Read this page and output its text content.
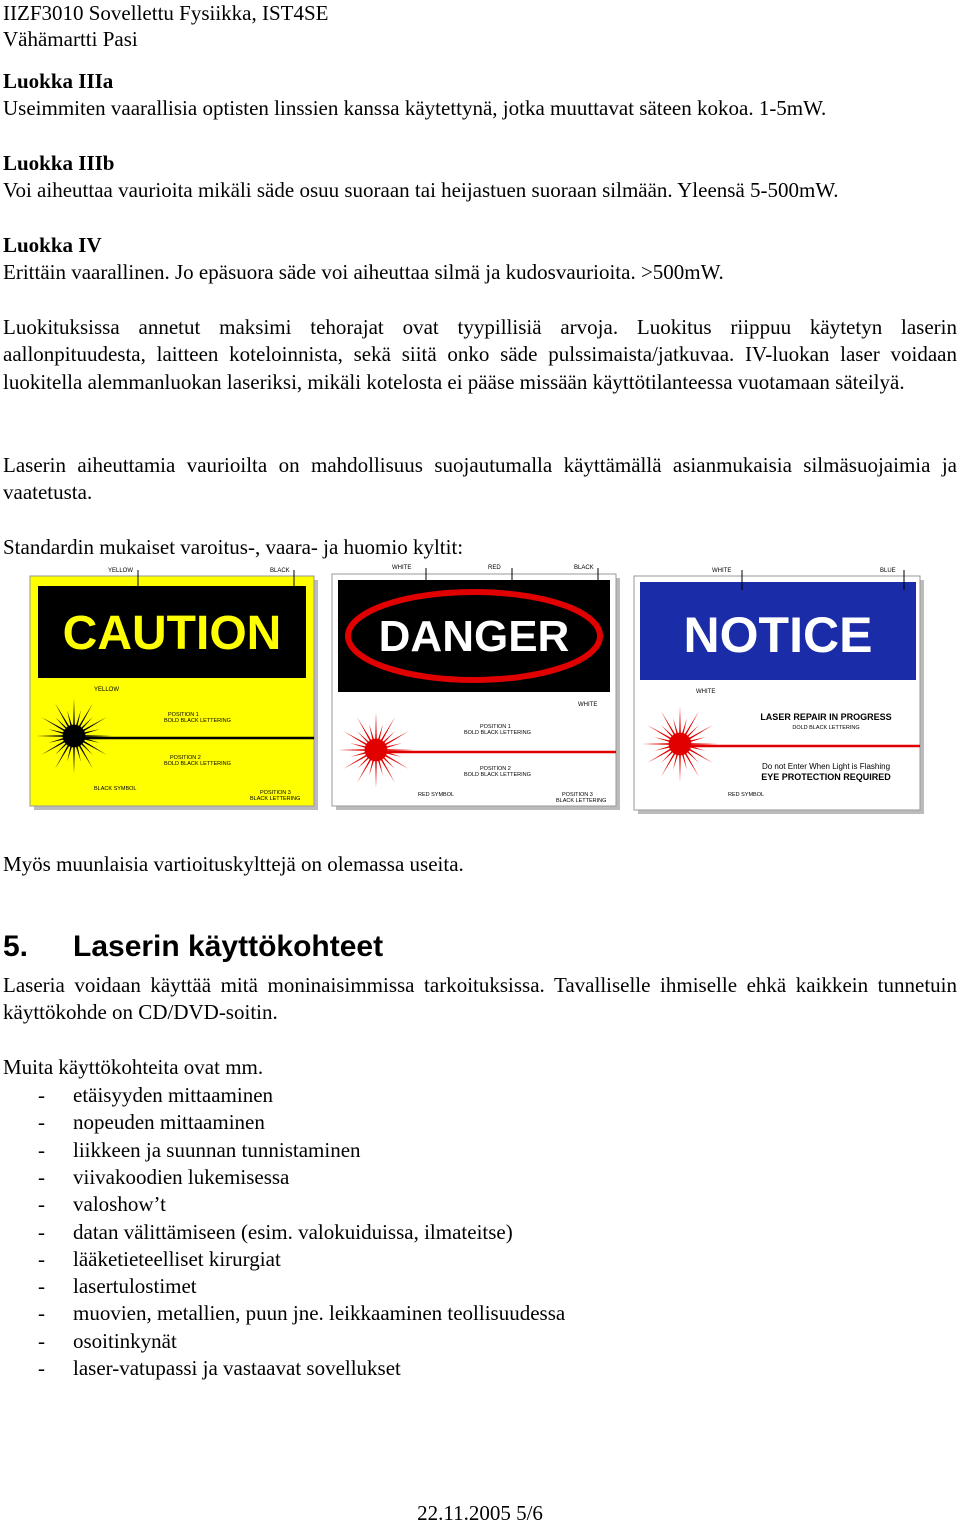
IIZF3010 Sovellettu Fysiikka, IST4SE
Vähämartti Pasi
Luokka IIIa
Useimmiten vaarallisia optisten linssien kanssa käytettynä, jotka muuttavat säteen kokoa. 1-5mW.
Luokka IIIb
Voi aiheuttaa vaurioita mikäli säde osuu suoraan tai heijastuen suoraan silmään. Yleensä 5-500mW.
Luokka IV
Erittäin vaarallinen. Jo epäsuora säde voi aiheuttaa silmä ja kudosvaurioita. >500mW.
Luokituksissa annetut maksimi tehorajat ovat tyypillisiä arvoja. Luokitus riippuu käytetyn laserin aallonpituudesta, laitteen koteloinnista, sekä siitä onko säde pulssimaista/jatkuvaa. IV-luokan laser voidaan luokitella alemmanluokan laseriksi, mikäli kotelosta ei pääse missään käyttötilanteessa vuotamaan säteilyä.
Laserin aiheuttamia vaurioilta on mahdollisuus suojautumalla käyttämällä asianmukaisia silmäsuojaimia ja vaatetusta.
Standardin mukaiset varoitus-, vaara- ja huomio kyltit:
CAUTION
YELLOW	BLACK
YELLOW
POSITION 1
BOLD BLACK LETTERING
POSITION 2
BOLD BLACK LETTERING
BLACK SYMBOL
POSITION 3
BLACK LETTERING
DANGER
WHITE	RED	BLACK
WHITE
POSITION 1
BOLD BLACK LETTERING
POSITION 2
BOLD BLACK LETTERING
RED SYMBOL	POSITION 3
BLACK LETTERING
NOTICE
WHITE	BLUE
WHITE
LASER REPAIR IN PROGRESS
DOLD BLACK LETTERING
Do not Enter When Light is Flashing
EYE PROTECTION REQUIRED
RED SYMBOL
Myös muunlaisia vartioituskylttejä on olemassa useita.
5. Laserin käyttökohteet
Laseria voidaan käyttää mitä moninaisimmissa tarkoituksissa. Tavalliselle ihmiselle ehkä kaikkein tunnetuin käyttökohde on CD/DVD-soitin.
Muita käyttökohteita ovat mm.
- etäisyyden mittaaminen
- nopeuden mittaaminen
- liikkeen ja suunnan tunnistaminen
- viivakoodien lukemisessa
- valoshow’t
- datan välittämiseen (esim. valokuiduissa, ilmateitse)
- lääketieteelliset kirurgiat
- lasertulostimet
- muovien, metallien, puun jne. leikkaaminen teollisuudessa
- osoitinkynät
- laser-vatupassi ja vastaavat sovellukset
22.11.2005 5/6
